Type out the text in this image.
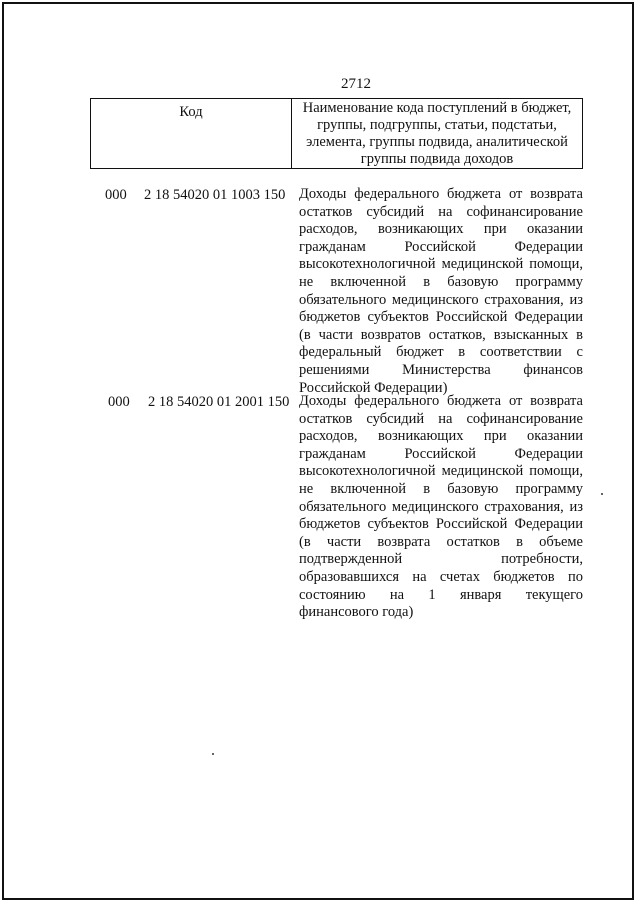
2712
Код	Наименование кода поступлений в бюджет, группы, подгруппы, статьи, подстатьи, элемента, группы подвида, аналитической группы подвида доходов
000 2 18 54020 01 1003 150 Доходы федерального бюджета от возврата остатков субсидий на софинансирование расходов, возникающих при оказании гражданам Российской Федерации высокотехнологичной медицинской помощи, не включенной в базовую программу обязательного медицинского страхования, из бюджетов субъектов Российской Федерации (в части возвратов остатков, взысканных в федеральный бюджет в соответствии с решениями Министерства финансов Российской Федерации)
000 2 18 54020 01 2001 150 Доходы федерального бюджета от возврата остатков субсидий на софинансирование расходов, возникающих при оказании гражданам Российской Федерации высокотехнологичной медицинской помощи, не включенной в базовую программу обязательного медицинского страхования, из бюджетов субъектов Российской Федерации (в части возврата остатков в объеме подтвержденной потребности, образовавшихся на счетах бюджетов по состоянию на 1 января текущего финансового года)
